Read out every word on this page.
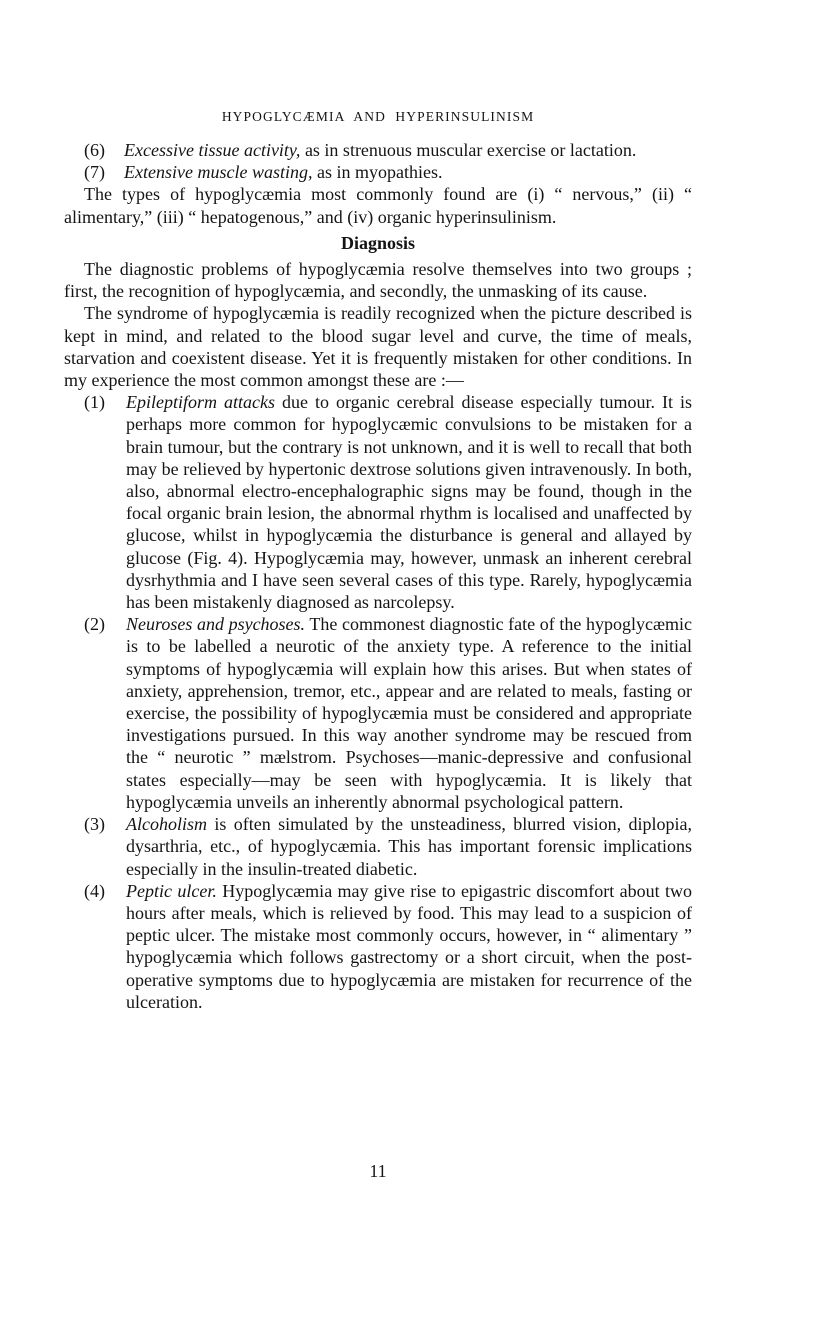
HYPOGLYCÆMIA AND HYPERINSULINISM
(6) Excessive tissue activity, as in strenuous muscular exercise or lactation.
(7) Extensive muscle wasting, as in myopathies.

The types of hypoglycæmia most commonly found are (i) “ nervous,” (ii) “ alimentary,” (iii) “ hepatogenous,” and (iv) organic hyperinsulinism.

Diagnosis

The diagnostic problems of hypoglycæmia resolve themselves into two groups ; first, the recognition of hypoglycæmia, and secondly, the unmasking of its cause.

The syndrome of hypoglycæmia is readily recognized when the picture described is kept in mind, and related to the blood sugar level and curve, the time of meals, starvation and coexistent disease. Yet it is frequently mistaken for other conditions. In my experience the most common amongst these are :—

(1) Epileptiform attacks due to organic cerebral disease especially tumour. It is perhaps more common for hypoglycæmic convulsions to be mistaken for a brain tumour, but the contrary is not unknown, and it is well to recall that both may be relieved by hypertonic dextrose solutions given intravenously. In both, also, abnormal electro-encephalographic signs may be found, though in the focal organic brain lesion, the abnormal rhythm is localised and unaffected by glucose, whilst in hypoglycæmia the disturbance is general and allayed by glucose (Fig. 4). Hypoglycæmia may, however, unmask an inherent cerebral dysrhythmia and I have seen several cases of this type. Rarely, hypoglycæmia has been mistakenly diagnosed as narcolepsy.
(2) Neuroses and psychoses. The commonest diagnostic fate of the hypoglycæmic is to be labelled a neurotic of the anxiety type. A reference to the initial symptoms of hypoglycæmia will explain how this arises. But when states of anxiety, apprehension, tremor, etc., appear and are related to meals, fasting or exercise, the possibility of hypoglycæmia must be considered and appropriate investigations pursued. In this way another syndrome may be rescued from the “ neurotic ” mælstrom. Psychoses—manic-depressive and confusional states especially—may be seen with hypoglycæmia. It is likely that hypoglycæmia unveils an inherently abnormal psychological pattern.
(3) Alcoholism is often simulated by the unsteadiness, blurred vision, diplopia, dysarthria, etc., of hypoglycæmia. This has important forensic implications especially in the insulin-treated diabetic.
(4) Peptic ulcer. Hypoglycæmia may give rise to epigastric discomfort about two hours after meals, which is relieved by food. This may lead to a suspicion of peptic ulcer. The mistake most commonly occurs, however, in “ alimentary ” hypoglycæmia which follows gastrectomy or a short circuit, when the post-operative symptoms due to hypoglycæmia are mistaken for recurrence of the ulceration.
11
